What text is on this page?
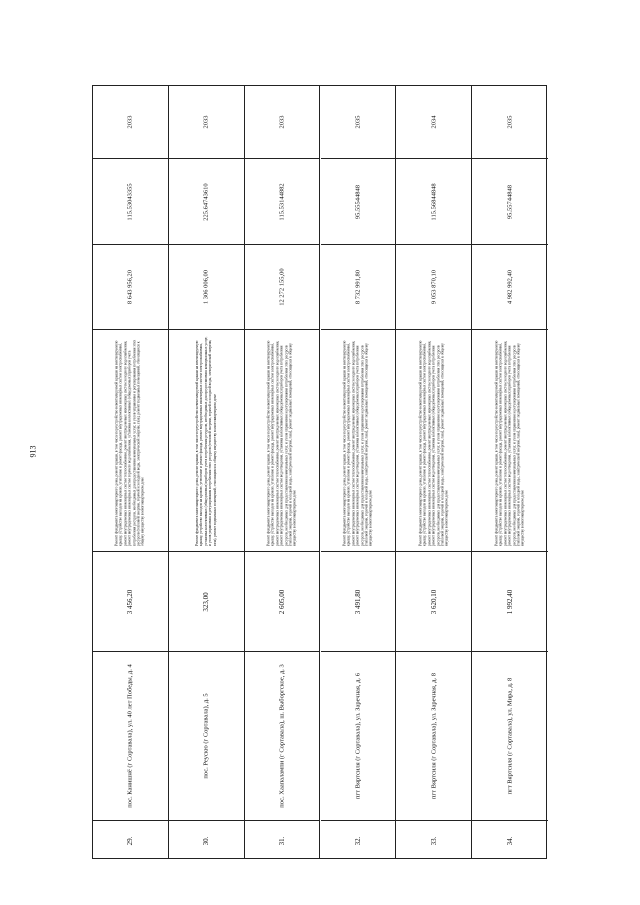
913
2033
115.53043355
8 643 956,20
Ремонт фундамента многоквартирного дома, ремонт крыши, в том числе переустройство невентилируемой крыши на вентилируемую крышу, устройство выходов на кровлю, утепление и ремонт фасада, ремонт внутридомовых инженерных систем электроснабжения, ремонт внутридомовых инженерных систем теплоснабжения, ремонт внутридомовых инженерных систем холодного водоснабжения, ремонт внутридомовых инженерных систем горячего водоснабжения, установка коллективных (общедомовых) приборов учета потребления ресурсов, необходимых для предоставления коммунальных услуг, и узлов управления и регулирования потребления этих ресурсов (тепловой энергии, горячей и холодной воды, электрической энергии, газа), ремонт подвальных помещений, относящихся к общему имуществу в многоквартирном доме
3 456,20
пос. Канишнё (г Сортавала), ул. 40 лет Победы, д. 4
29.
2033
225.64743610
1 306 006,00
Ремонт фундамента многоквартирного дома, ремонт крыши, в том числе переустройство невентилируемой крыши на вентилируемую крышу, устройство выходов на кровлю, утепление и ремонт фасада, ремонт внутридомовых инженерных систем электроснабжения, установка коллективных (общедомовых) приборов учета потребления ресурсов, необходимых для предоставления коммунальных услуг, и узлов управления и регулирования потребления этих ресурсов (тепловой энергии, горячей и холодной воды, электрической энергии, газа), ремонт подвальных помещений, относящихся к общему имуществу в многоквартирном доме
323,00
пос. Реускю (г Сортавала), д. 5
30.
2033
115.53144882
12 272 155,00
Ремонт фундамента многоквартирного дома, ремонт крыши, в том числе переустройство невентилируемой крыши на вентилируемую крышу, устройство выходов на кровлю, утепление и ремонт фасада, ремонт внутридомовых инженерных систем электроснабжения, ремонт внутридомовых инженерных систем теплоснабжения, ремонт внутридомовых инженерных систем холодного водоснабжения, ремонт внутридомовых инженерных систем водоотведения, установка коллективных (общедомовых) приборов учета потребления ресурсов, необходимых для предоставления коммунальных услуг, и узлов управления и регулирования потребления этих ресурсов (тепловой энергии, горячей и холодной воды, электрической энергии, газа), ремонт подвальных помещений, относящихся к общему имуществу в многоквартирном доме
2 605,00
пос. Хаапалампи (г Сортавала), ш. Выборгское, д. 3
31.
2035
95.55544848
8 732 991,80
Ремонт фундамента многоквартирного дома, ремонт крыши, в том числе переустройство невентилируемой крыши на вентилируемую крышу, устройство выходов на кровлю, утепление и ремонт фасада, ремонт внутридомовых инженерных систем электроснабжения, ремонт внутридомовых инженерных систем теплоснабжения, ремонт внутридомовых инженерных систем холодного водоснабжения, ремонт внутридомовых инженерных систем водоотведения, установка коллективных (общедомовых) приборов учета потребления ресурсов, необходимых для предоставления коммунальных услуг, и узлов управления и регулирования потребления этих ресурсов (тепловой энергии, горячей и холодной воды, электрической энергии, газа), ремонт подвальных помещений, относящихся к общему имуществу в многоквартирном доме
3 491,80
пгт Вяртсиля (г Сортавала), ул. Заречная, д. 6
32.
2034
115.56844848
9 053 870,10
Ремонт фундамента многоквартирного дома, ремонт крыши, в том числе переустройство невентилируемой крыши на вентилируемую крышу, устройство выходов на кровлю, утепление и ремонт фасада, ремонт внутридомовых инженерных систем электроснабжения, ремонт внутридомовых инженерных систем теплоснабжения, ремонт внутридомовых инженерных систем холодного водоснабжения, ремонт внутридомовых инженерных систем водоотведения, установка коллективных (общедомовых) приборов учета потребления ресурсов, необходимых для предоставления коммунальных услуг, и узлов управления и регулирования потребления этих ресурсов (тепловой энергии, горячей и холодной воды, электрической энергии, газа), ремонт подвальных помещений, относящихся к общему имуществу в многоквартирном доме
3 620,10
пгт Вяртсиля (г Сортавала), ул. Заречная, д. 8
33.
2035
95.55744848
4 982 992,40
Ремонт фундамента многоквартирного дома, ремонт крыши, в том числе переустройство невентилируемой крыши на вентилируемую крышу, устройство выходов на кровлю, утепление и ремонт фасада, ремонт внутридомовых инженерных систем электроснабжения, ремонт внутридомовых инженерных систем теплоснабжения, ремонт внутридомовых инженерных систем холодного водоснабжения, ремонт внутридомовых инженерных систем водоотведения, установка коллективных (общедомовых) приборов учета потребления ресурсов, необходимых для предоставления коммунальных услуг, и узлов управления и регулирования потребления этих ресурсов (тепловой энергии, горячей и холодной воды, электрической энергии, газа), ремонт подвальных помещений, относящихся к общему имуществу в многоквартирном доме
1 992,40
пгт Вяртсиля (г Сортавала), ул. Мира, д. 8
34.
